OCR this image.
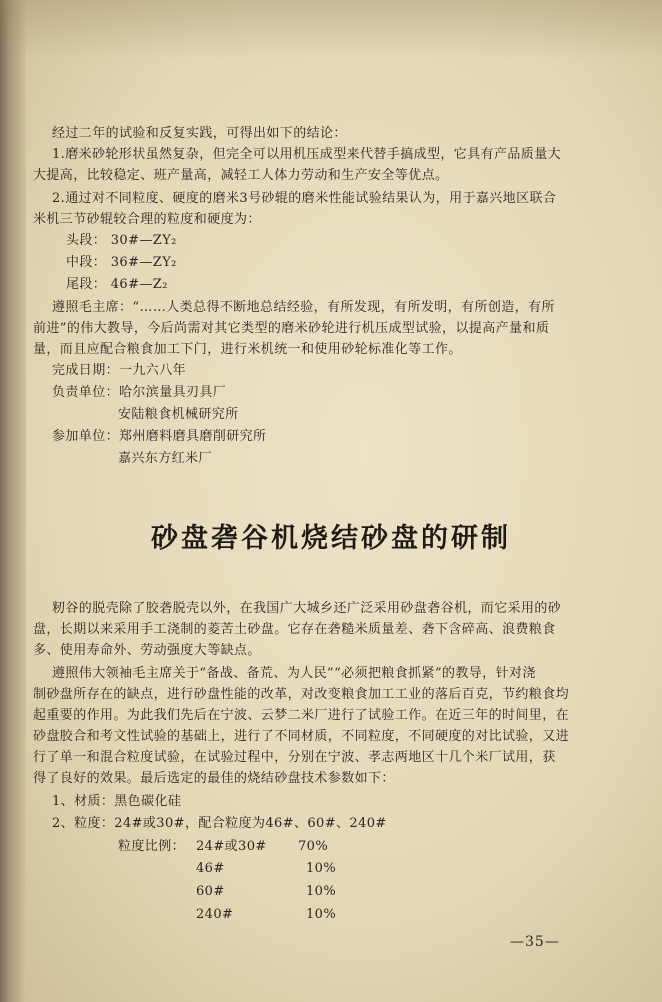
经过二年的试验和反复实践，可得出如下的结论：
1.磨米砂轮形状虽然复杂，但完全可以用机压成型来代替手搞成型，它具有产品质量大
大提高，比较稳定、班产量高，减轻工人体力劳动和生产安全等优点。
2.通过对不同粒度、硬度的磨米3号砂辊的磨米性能试验结果认为，用于嘉兴地区联合
米机三节砂辊较合理的粒度和硬度为：
头段： 30#—ZY₂
中段： 36#—ZY₂
尾段： 46#—Z₂
遵照毛主席：“……人类总得不断地总结经验，有所发现，有所发明，有所创造，有所
前进”的伟大教导，今后尚需对其它类型的磨米砂轮进行机压成型试验，以提高产量和质
量，而且应配合粮食加工下门，进行米机统一和使用砂轮标准化等工作。
完成日期：一九六八年
负责单位：哈尔滨量具刃具厂
安陆粮食机械研究所
参加单位：郑州磨料磨具磨削研究所
嘉兴东方红米厂
砂盘砻谷机烧结砂盘的研制
籾谷的脱壳除了胶砻脱壳以外，在我国广大城乡还广泛采用砂盘砻谷机，而它采用的砂
盘，长期以来采用手工浇制的菱苦土砂盘。它存在砻糙米质量差、砻下含碎高、浪费粮食
多、使用寿命外、劳动强度大等缺点。
遵照伟大领袖毛主席关于“备战、备荒、为人民”“必须把粮食抓紧”的教导，针对浇
制砂盘所存在的缺点，进行砂盘性能的改革，对改变粮食加工工业的落后百克，节约粮食均
起重要的作用。为此我们先后在宁波、云梦二米厂进行了试验工作。在近三年的时间里，在
砂盘胶合和考文性试验的基础上，进行了不同材质，不同粒度，不同硬度的对比试验，又进
行了单一和混合粒度试验，在试验过程中，分别在宁波、孝志两地区十几个米厂试用，获
得了良好的效果。最后选定的最佳的烧结砂盘技术参数如下：
1、材质：黑色碳化硅
2、粒度：24#或30#，配合粒度为46#、60#、240#
粒度比例： 24#或30# 70%
46#	10%
60#	10%
240#	10%
—35—
